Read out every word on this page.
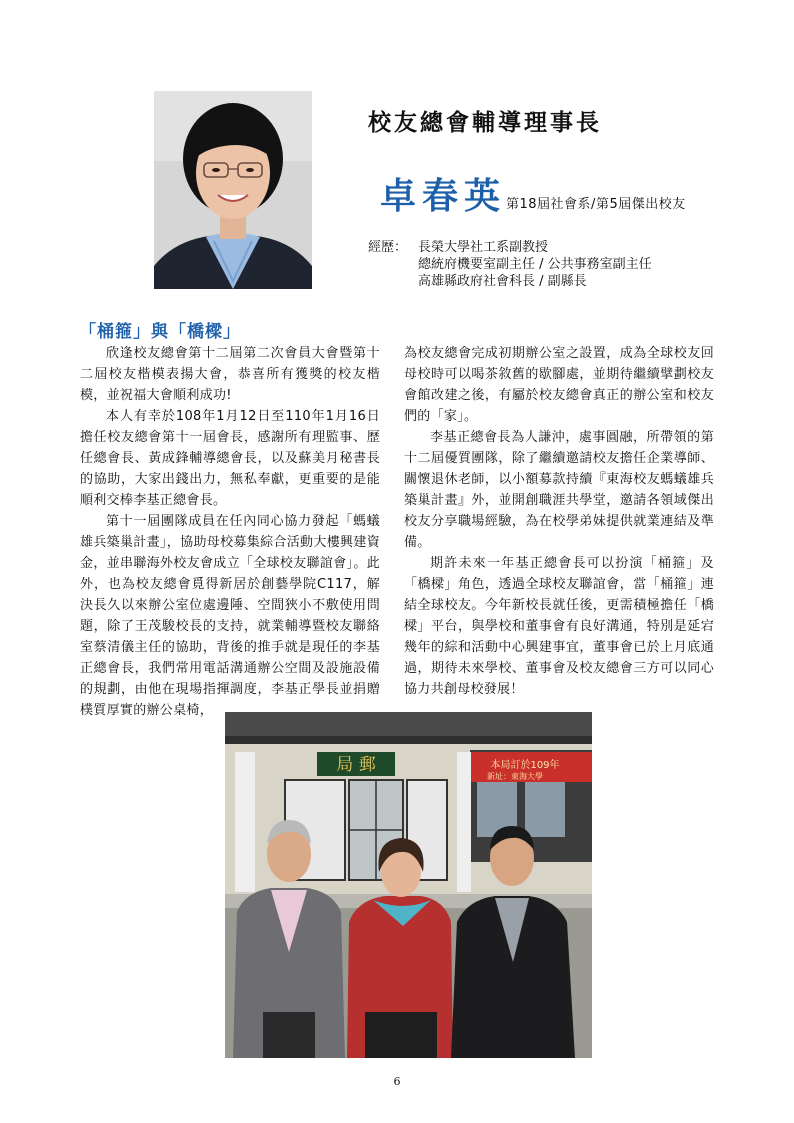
校友總會輔導理事長
卓春英第18屆社會系/第5屆傑出校友
經歷： 長榮大學社工系副教授
總統府機要室副主任 / 公共事務室副主任
高雄縣政府社會科長 / 副縣長
「桶箍」與「橋樑」

欣逢校友總會第十二屆第二次會員大會暨第十二屆校友楷模表揚大會，恭喜所有獲獎的校友楷模，並祝福大會順利成功!

本人有幸於108年1月12日至110年1月16日擔任校友總會第十一屆會長，感謝所有理監事、歷任總會長、黃成鋒輔導總會長，以及蘇美月秘書長的協助，大家出錢出力，無私奉獻，更重要的是能順利交棒李基正總會長。

第十一屆團隊成員在任內同心協力發起「螞蟻雄兵築巢計畫」，協助母校募集綜合活動大樓興建資金，並串聯海外校友會成立「全球校友聯誼會」。此外，也為校友總會覓得新居於創藝學院C117，解決長久以來辦公室位處邊陲、空間狹小不敷使用問題，除了王茂駿校長的支持，就業輔導暨校友聯絡室蔡清儀主任的協助，背後的推手就是現任的李基正總會長，我們常用電話溝通辦公空間及設施設備的規劃，由他在現場指揮調度，李基正學長並捐贈樸質厚實的辦公桌椅，

為校友總會完成初期辦公室之設置，成為全球校友回母校時可以喝茶敘舊的歇腳處，並期待繼續擘劃校友會館改建之後，有屬於校友總會真正的辦公室和校友們的「家」。

李基正總會長為人謙沖，處事圓融，所帶領的第十二屆優質團隊，除了繼續邀請校友擔任企業導師、關懷退休老師，以小額募款持續『東海校友螞蟻雄兵築巢計畫』外，並開創職涯共學堂，邀請各領域傑出校友分享職場經驗，為在校學弟妹提供就業連結及準備。

期許未來一年基正總會長可以扮演「桶箍」及「橋樑」角色，透過全球校友聯誼會，當「桶箍」連結全球校友。今年新校長就任後，更需積極擔任「橋樑」平台，與學校和董事會有良好溝通，特別是延宕幾年的綜和活動中心興建事宜，董事會已於上月底通過，期待未來學校、董事會及校友總會三方可以同心協力共創母校發展！

局 郵	本局訂於109年
新址：東海大學
6
